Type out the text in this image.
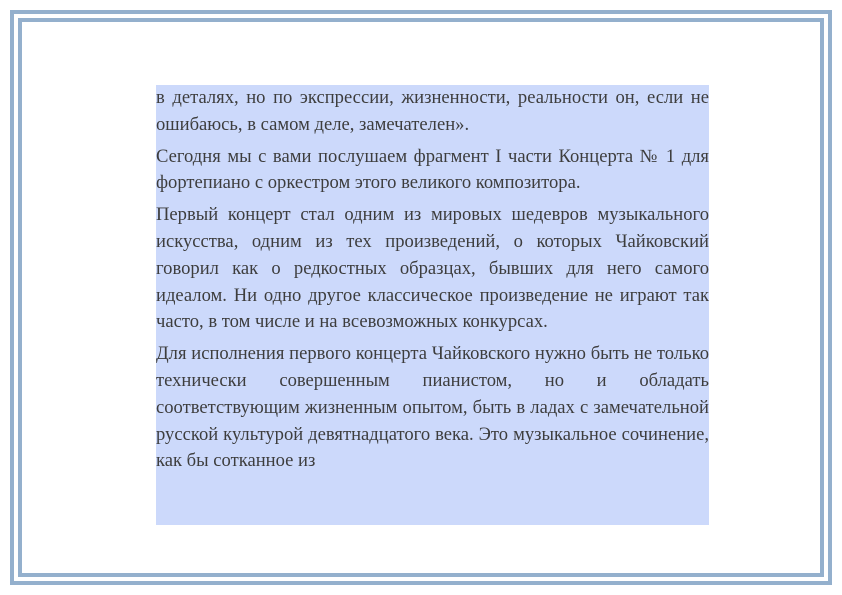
в деталях, но по экспрессии, жизненности, реальности он, если не ошибаюсь, в самом деле, замечателен».

Сегодня мы с вами послушаем фрагмент I части Концерта № 1 для фортепиано с оркестром этого великого композитора.

Первый концерт стал одним из мировых шедевров музыкального искусства, одним из тех произведений, о которых Чайковский говорил как о редкостных образцах, бывших для него самого идеалом. Ни одно другое классическое произведение не играют так часто, в том числе и на всевозможных конкурсах.

Для исполнения первого концерта Чайковского нужно быть не только технически совершенным пианистом, но и обладать соответствующим жизненным опытом, быть в ладах с замечательной русской культурой девятнадцатого века. Это музыкальное сочинение, как бы сотканное из
